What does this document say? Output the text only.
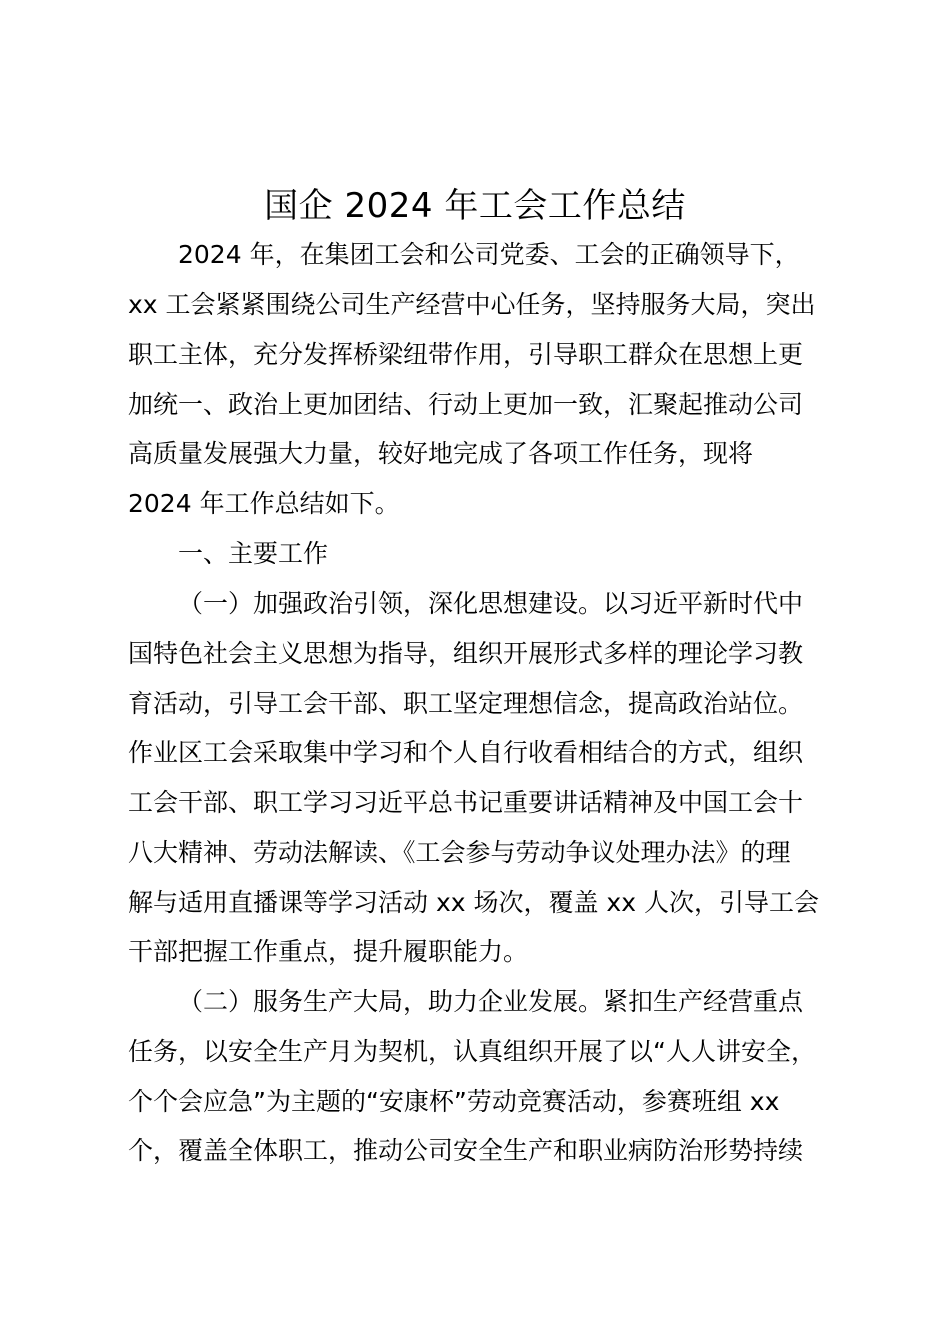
国企 2024 年工会工作总结

2024 年，在集团工会和公司党委、工会的正确领导下，

xx 工会紧紧围绕公司生产经营中心任务，坚持服务大局，突出

职工主体，充分发挥桥梁纽带作用，引导职工群众在思想上更

加统一、政治上更加团结、行动上更加一致，汇聚起推动公司

高质量发展强大力量，较好地完成了各项工作任务，现将

2024 年工作总结如下。

一、主要工作

（一）加强政治引领，深化思想建设。以习近平新时代中

国特色社会主义思想为指导，组织开展形式多样的理论学习教

育活动，引导工会干部、职工坚定理想信念，提高政治站位。

作业区工会采取集中学习和个人自行收看相结合的方式，组织

工会干部、职工学习习近平总书记重要讲话精神及中国工会十

八大精神、劳动法解读、《工会参与劳动争议处理办法》的理

解与适用直播课等学习活动 xx 场次，覆盖 xx 人次，引导工会

干部把握工作重点，提升履职能力。

（二）服务生产大局，助力企业发展。紧扣生产经营重点

任务，以安全生产月为契机，认真组织开展了以“人人讲安全，

个个会应急”为主题的“安康杯”劳动竞赛活动，参赛班组 xx

个，覆盖全体职工，推动公司安全生产和职业病防治形势持续
